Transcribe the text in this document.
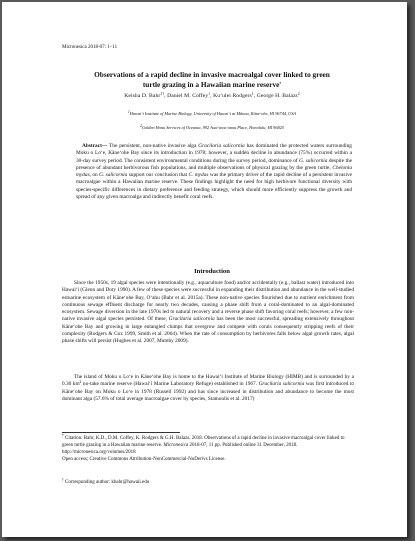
Micronesica 2018-07: 1–11
Observations of a rapid decline in invasive macroalgal cover linked to green
turtle grazing in a Hawaiian marine reserve*
Keisha D. Bahr$^{1\dagger}$, Daniel M. Coffey$^1$, Ku‘ulei Rodgers$^1$, George H. Balazs$^2$
$^1$Hawai‘i Institute of Marine Biology, University of Hawai‘i at Mānoa, Kāne‘ohe, HI 96744, USA
$^2$Golden Honu Services of Oceania, 992 Awa‘awa‘anoa Place, Honolulu, HI 96825
Abstract— The persistent, non-native invasive alga Gracilaria salicornia has dominated the protected waters surrounding Moku o Lo‘e, Kāne‘ohe Bay since its introduction in 1978; however, a sudden decline in abundance (75%) occurred within a 30-day survey period. The consistent environmental conditions during the survey period, dominance of G. salicornia despite the presence of abundant herbivorous fish populations, and multiple observations of physical grazing by the green turtle, Chelonia mydas, on G. salicornia support our conclusion that C. mydas was the primary driver of the rapid decline of a persistent invasive macroalgae within a Hawaiian marine reserve. These findings highlight the need for high herbivore functional diversity with species-specific differences in dietary preference and feeding strategy, which should more efficiently suppress the growth and spread of any given macroalga and indirectly benefit coral reefs.
Introduction
Since the 1950s, 19 algal species were intentionally (e.g., aquaculture food) and/or accidentally (e.g., ballast water) introduced into Hawai‘i (Glenn and Doty 1990). A few of these species were successful in expanding their distribution and abundance in the well-studied estuarine ecosystem of Kāne‘ohe Bay, O‘ahu (Bahr et al. 2015a). These non-native species flourished due to nutrient enrichment from continuous sewage effluent discharge for nearly two decades, causing a phase shift from a coral-dominated to an algal-dominated ecosystem. Sewage diversion in the late 1970s led to natural recovery and a reverse phase shift favoring coral reefs; however, a few non-native invasive algal species persisted. Of these, Gracilaria salicornia has been the most successful, spreading extensively throughout Kāne‘ohe Bay and growing in large entangled clumps that overgrow and compete with corals consequently stripping reefs of their complexity (Rodgers & Cox 1999, Smith et al. 2004). When the rate of consumption by herbivores falls below algal growth rates, algal phase shifts will persist (Hughes et al. 2007, Mumby 2009).
The island of Moku o Lo‘e in Kāne‘ohe Bay is home to the Hawai‘i Institute of Marine Biology (HIMB) and is surrounded by a 0.30 $km^2$ no-take marine reserve (Hawai‘i Marine Laboratory Refuge) established in 1967. Gracilaria salicornia was first introduced to Kāne‘ohe Bay on Moku o Lo‘e in 1978 (Russell 1992) and has since increased in distribution and abundance to become the most dominant alga (57.6% of total average macroalgae cover by species, Stamoulis et al. 2017)
* Citation: Bahr, K.D., D.M. Coffey, K. Rodgers & G.H. Balazs. 2018. Observations of a rapid decline in invasive macroalgal cover linked to green turtle grazing in a Hawaiian marine reserve. Micronesica 2018-07, 11 pp. Published online 31 December, 2018.
http://micronesica.org/volumes/2018
Open access; Creative Commons Attribution-NonCommercial-NoDerivs License.
† Corresponding author: kbahr@hawaii.edu
